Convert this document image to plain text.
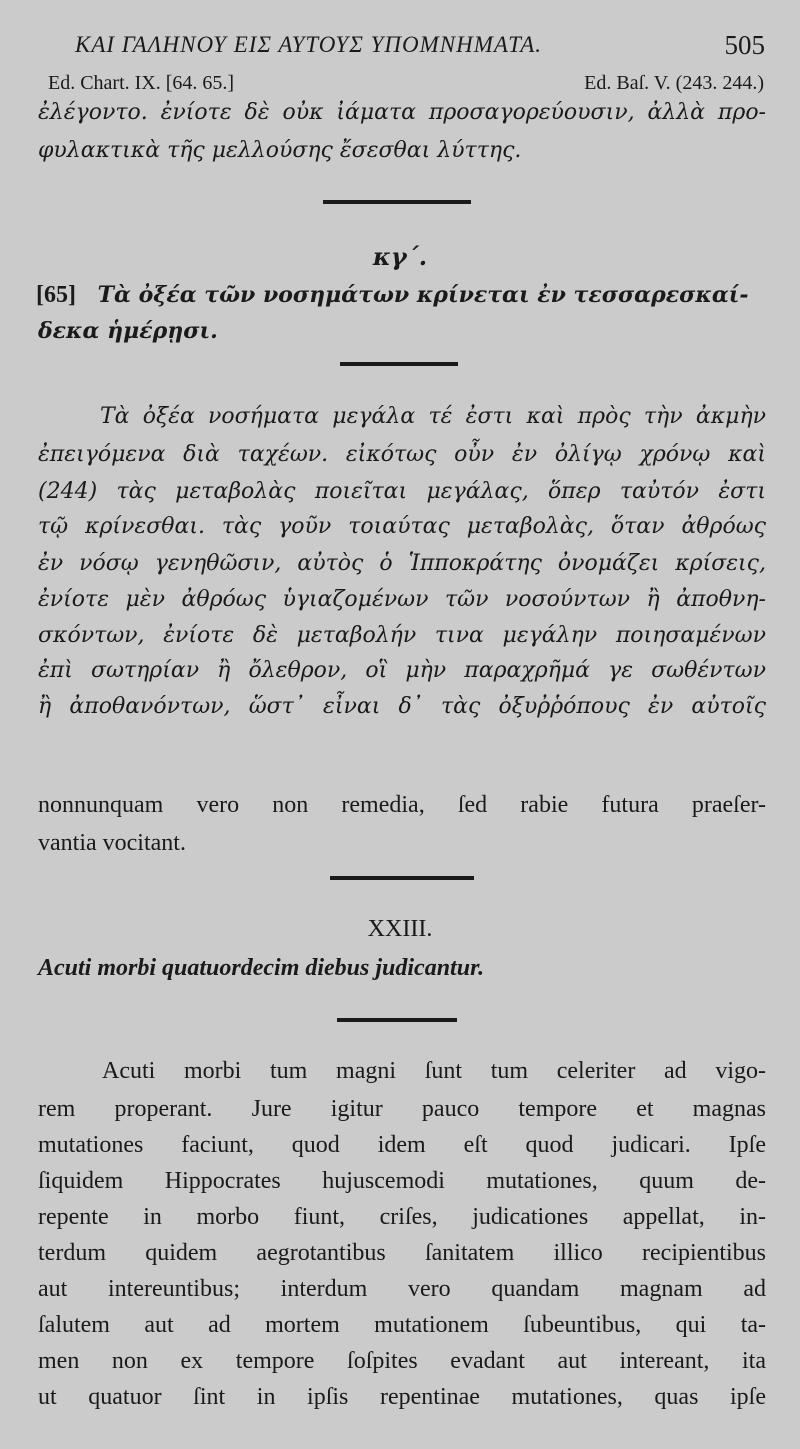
ΚΑΙ ΓΑΛΗΝΟΥ ΕΙΣ ΑΥΤΟΥΣ ΥΠΟΜΝΗΜΑΤΑ.	505
Ed. Chart. IX. [64. 65.]	Ed. Baſ. V. (243. 244.)
ἐλέγοντο. ἐνίοτε δὲ οὐκ ἰάματα προσαγορεύουσιν, ἀλλὰ προ-
φυλακτικὰ τῆς μελλούσης ἔσεσθαι λύττης.
κγ΄.
[65] Τὰ ὀξέα τῶν νοσημάτων κρίνεται ἐν τεσσαρεσκαί-
δεκα ἡμέρῃσι.
Τὰ ὀξέα νοσήματα μεγάλα τέ ἐστι καὶ πρὸς τὴν ἀκμὴν
ἐπειγόμενα διὰ ταχέων. εἰκότως οὖν ἐν ὀλίγῳ χρόνῳ καὶ
(244) τὰς μεταβολὰς ποιεῖται μεγάλας, ὅπερ ταὐτόν ἐστι
τῷ κρίνεσθαι. τὰς γοῦν τοιαύτας μεταβολὰς, ὅταν ἀθρόως
ἐν νόσῳ γενηθῶσιν, αὐτὸς ὁ Ἱπποκράτης ὀνομάζει κρίσεις,
ἐνίοτε μὲν ἀθρόως ὑγιαζομένων τῶν νοσούντων ἢ ἀποθνη-
σκόντων, ἐνίοτε δὲ μεταβολήν τινα μεγάλην ποιησαμένων
ἐπὶ σωτηρίαν ἢ ὄλεθρον, οἳ μὴν παραχρῆμά γε σωθέντων
ἢ ἀποθανόντων, ὥστ᾽ εἶναι δ᾽ τὰς ὀξυῤῥόπους ἐν αὐτοῖς
nonnunquam vero non remedia, ſed rabie futura praeſer-
vantia vocitant.
XXIII.
Acuti morbi quatuordecim diebus judicantur.
Acuti morbi tum magni ſunt tum celeriter ad vigo-
rem properant. Jure igitur pauco tempore et magnas
mutationes faciunt, quod idem eſt quod judicari. Ipſe
ſiquidem Hippocrates hujuscemodi mutationes, quum de-
repente in morbo fiunt, criſes, judicationes appellat, in-
terdum quidem aegrotantibus ſanitatem illico recipientibus
aut intereuntibus; interdum vero quandam magnam ad
ſalutem aut ad mortem mutationem ſubeuntibus, qui ta-
men non ex tempore ſoſpites evadant aut intereant, ita
ut quatuor ſint in ipſis repentinae mutationes, quas ipſe
